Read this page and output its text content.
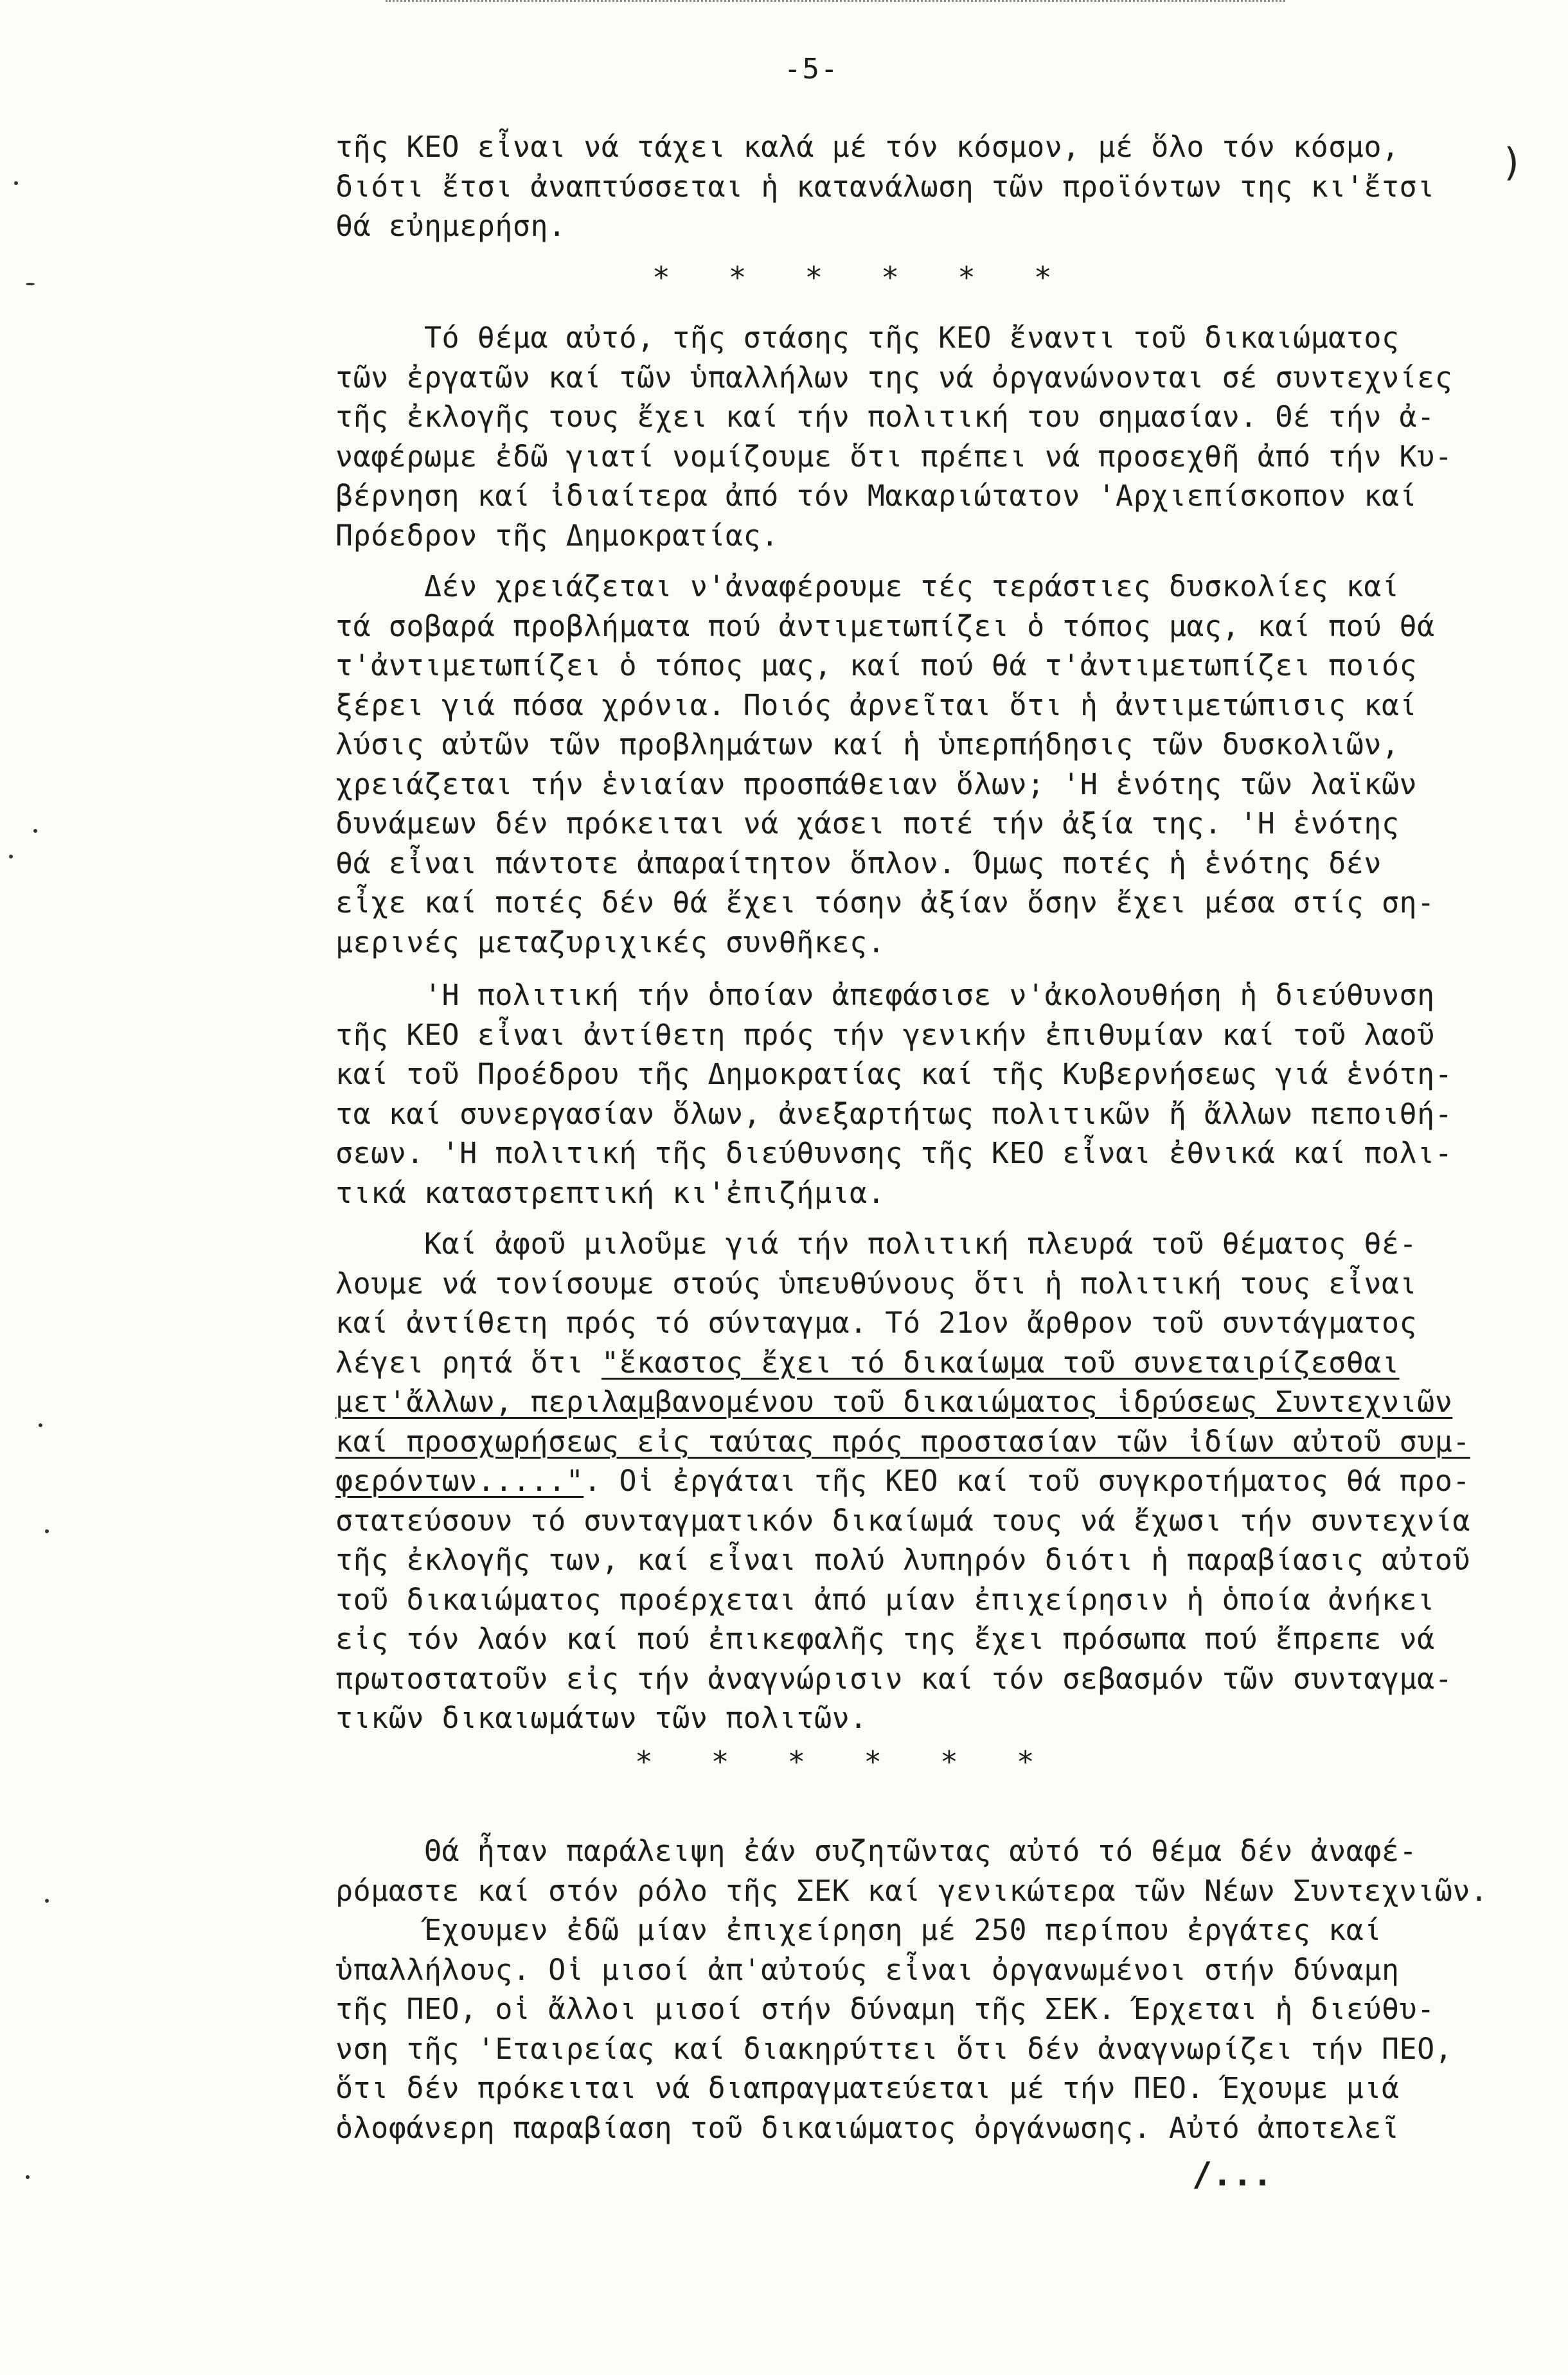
-5-
)
τῆς ΚΕΟ εἶναι νά τάχει καλά μέ τόν κόσμον, μέ ὅλο τόν κόσμο,
διότι ἔτσι ἀναπτύσσεται ἡ κατανάλωση τῶν προϊόντων της κι'ἔτσι
θά εὐημερήση.
*   *   *   *   *   *
Τό θέμα αὐτό, τῆς στάσης τῆς ΚΕΟ ἔναντι τοῦ δικαιώματος
τῶν ἐργατῶν καί τῶν ὑπαλλήλων της νά ὀργανώνονται σέ συντεχνίες
τῆς ἐκλογῆς τους ἔχει καί τήν πολιτική του σημασίαν. Θέ τήν ἀ-
ναφέρωμε ἐδῶ γιατί νομίζουμε ὅτι πρέπει νά προσεχθῆ ἀπό τήν Κυ-
βέρνηση καί ἰδιαίτερα ἀπό τόν Μακαριώτατον 'Αρχιεπίσκοπον καί
Πρόεδρον τῆς Δημοκρατίας.
Δέν χρειάζεται ν'ἀναφέρουμε τές τεράστιες δυσκολίες καί
τά σοβαρά προβλήματα πού ἀντιμετωπίζει ὁ τόπος μας, καί πού θά
τ'ἀντιμετωπίζει ὁ τόπος μας, καί πού θά τ'ἀντιμετωπίζει ποιός
ξέρει γιά πόσα χρόνια. Ποιός ἀρνεῖται ὅτι ἡ ἀντιμετώπισις καί
λύσις αὐτῶν τῶν προβλημάτων καί ἡ ὑπερπήδησις τῶν δυσκολιῶν,
χρειάζεται τήν ἑνιαίαν προσπάθειαν ὅλων; 'Η ἑνότης τῶν λαϊκῶν
δυνάμεων δέν πρόκειται νά χάσει ποτέ τήν ἀξία της. 'Η ἑνότης
θά εἶναι πάντοτε ἀπαραίτητον ὅπλον. Όμως ποτές ἡ ἑνότης δέν
εἶχε καί ποτές δέν θά ἔχει τόσην ἀξίαν ὅσην ἔχει μέσα στίς ση-
μερινές μεταζυριχικές συνθῆκες.
'Η πολιτική τήν ὁποίαν ἀπεφάσισε ν'ἀκολουθήση ἡ διεύθυνση
τῆς ΚΕΟ εἶναι ἀντίθετη πρός τήν γενικήν ἐπιθυμίαν καί τοῦ λαοῦ
καί τοῦ Προέδρου τῆς Δημοκρατίας καί τῆς Κυβερνήσεως γιά ἑνότη-
τα καί συνεργασίαν ὅλων, ἀνεξαρτήτως πολιτικῶν ἤ ἄλλων πεποιθή-
σεων. 'Η πολιτική τῆς διεύθυνσης τῆς ΚΕΟ εἶναι ἐθνικά καί πολι-
τικά καταστρεπτική κι'ἐπιζήμια.
Καί ἀφοῦ μιλοῦμε γιά τήν πολιτική πλευρά τοῦ θέματος θέ-
λουμε νά τονίσουμε στούς ὑπευθύνους ὅτι ἡ πολιτική τους εἶναι
καί ἀντίθετη πρός τό σύνταγμα. Τό 21ον ἄρθρον τοῦ συντάγματος
λέγει ρητά ὅτι "ἕκαστος ἔχει τό δικαίωμα τοῦ συνεταιρίζεσθαι
μετ'ἄλλων, περιλαμβανομένου τοῦ δικαιώματος ἱδρύσεως Συντεχνιῶν
καί προσχωρήσεως εἰς ταύτας πρός προστασίαν τῶν ἰδίων αὐτοῦ συμ-
φερόντων.....". Οἱ ἐργάται τῆς ΚΕΟ καί τοῦ συγκροτήματος θά προ-
στατεύσουν τό συνταγματικόν δικαίωμά τους νά ἔχωσι τήν συντεχνία
τῆς ἐκλογῆς των, καί εἶναι πολύ λυπηρόν διότι ἡ παραβίασις αὐτοῦ
τοῦ δικαιώματος προέρχεται ἀπό μίαν ἐπιχείρησιν ἡ ὁποία ἀνήκει
εἰς τόν λαόν καί πού ἐπικεφαλῆς της ἔχει πρόσωπα πού ἔπρεπε νά
πρωτοστατοῦν εἰς τήν ἀναγνώρισιν καί τόν σεβασμόν τῶν συνταγμα-
τικῶν δικαιωμάτων τῶν πολιτῶν.
*   *   *   *   *   *
Θά ἦταν παράλειψη ἐάν συζητῶντας αὐτό τό θέμα δέν ἀναφέ-
ρόμαστε καί στόν ρόλο τῆς ΣΕΚ καί γενικώτερα τῶν Νέων Συντεχνιῶν.
Έχουμεν ἐδῶ μίαν ἐπιχείρηση μέ 250 περίπου ἐργάτες καί
ὑπαλλήλους. Οἱ μισοί ἀπ'αὐτούς εἶναι ὀργανωμένοι στήν δύναμη
τῆς ΠΕΟ, οἱ ἄλλοι μισοί στήν δύναμη τῆς ΣΕΚ. Έρχεται ἡ διεύθυ-
νση τῆς 'Εταιρείας καί διακηρύττει ὅτι δέν ἀναγνωρίζει τήν ΠΕΟ,
ὅτι δέν πρόκειται νά διαπραγματεύεται μέ τήν ΠΕΟ. Έχουμε μιά
ὁλοφάνερη παραβίαση τοῦ δικαιώματος ὀργάνωσης. Αὐτό ἀποτελεῖ
/...
